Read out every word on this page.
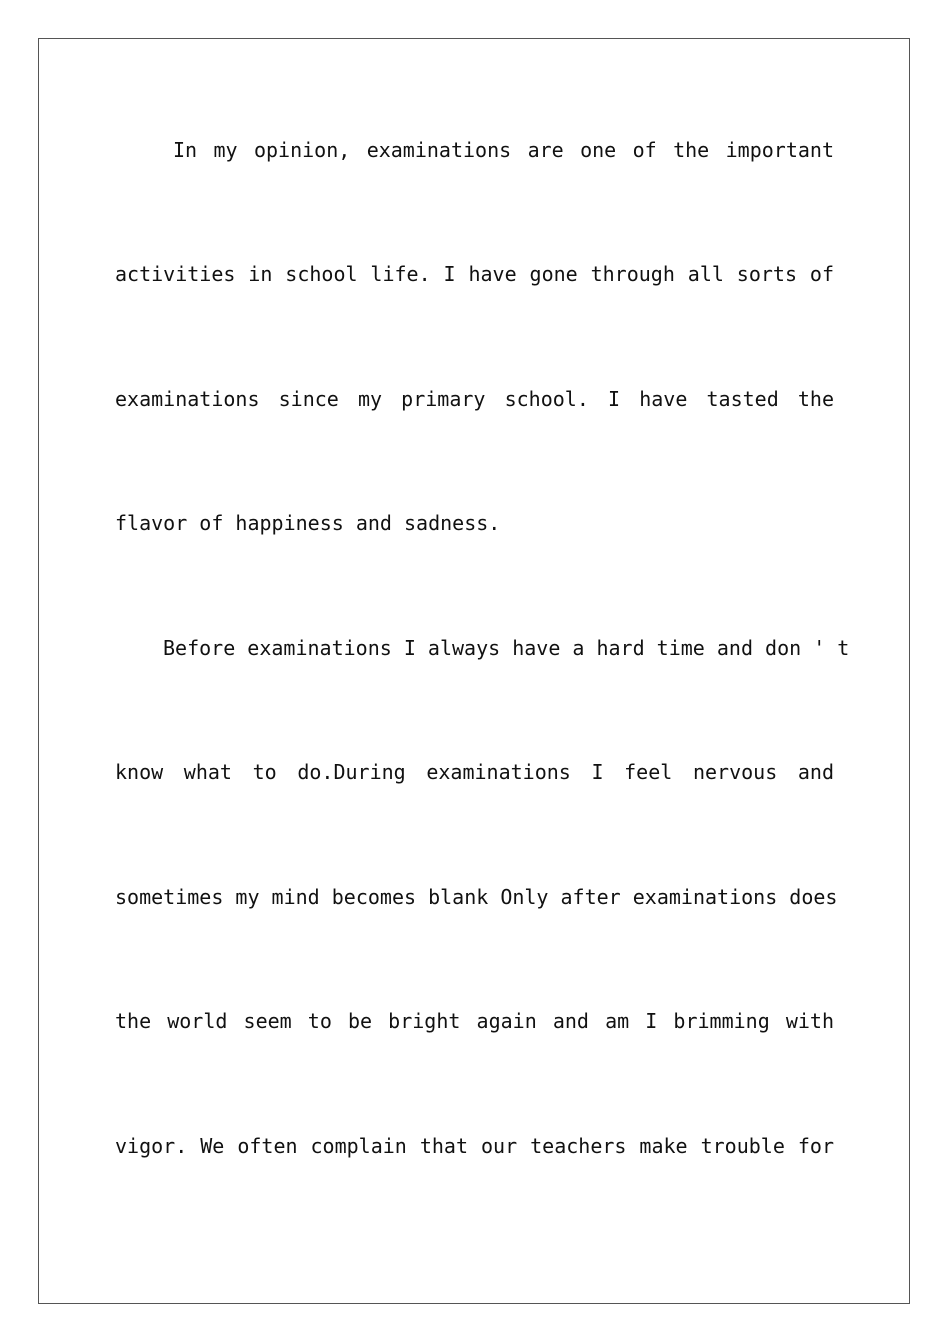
In my opinion, examinations are one of the important
activities in school life. I have gone through all sorts of
examinations since my primary school. I have tasted the
flavor of happiness and sadness.
Before examinations I always have a hard time and don ' t
know what to do.During examinations I feel nervous and
sometimes my mind becomes blank Only after examinations does
the world seem to be bright again and am I brimming with
vigor. We often complain that our teachers make trouble for
